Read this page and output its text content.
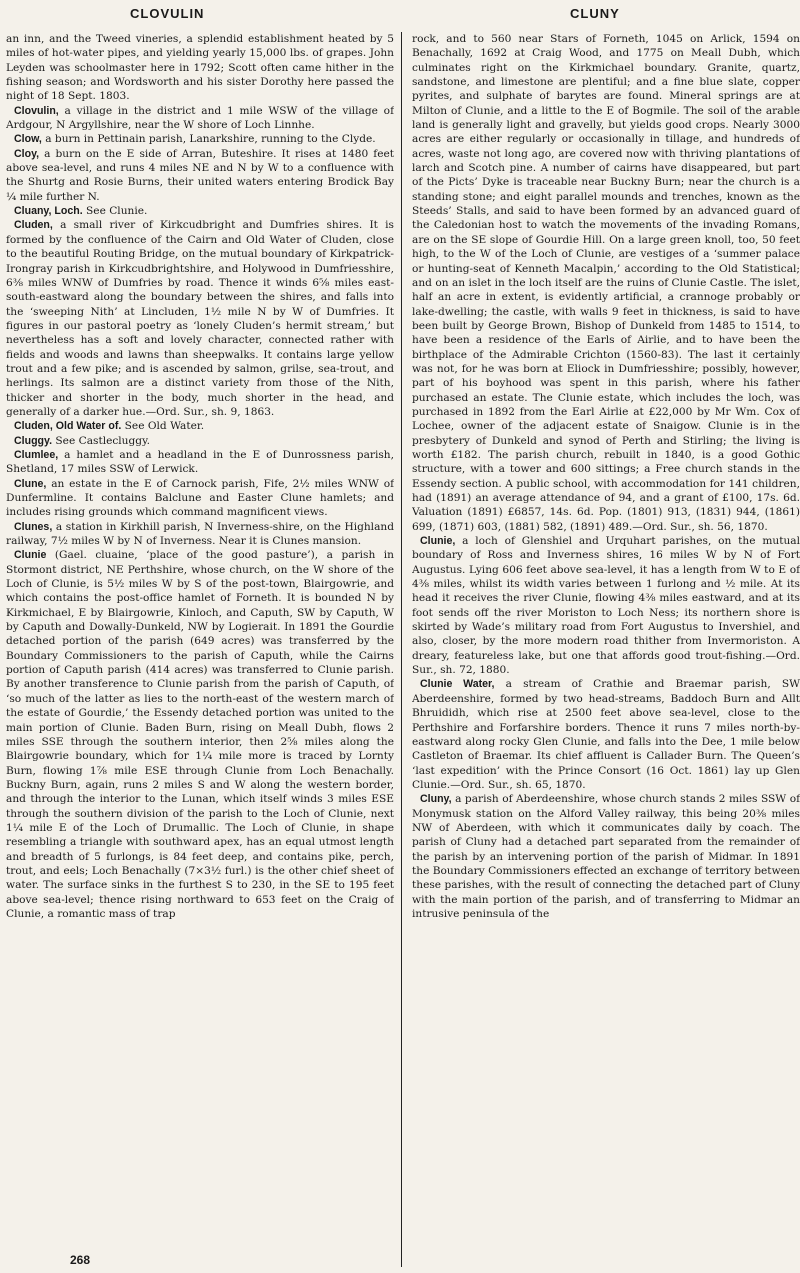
CLOVULIN	CLUNY
an inn, and the Tweed vineries, a splendid establishment heated by 5 miles of hot-water pipes, and yielding yearly 15,000 lbs. of grapes. John Leyden was schoolmaster here in 1792; Scott often came hither in the fishing season; and Wordsworth and his sister Dorothy here passed the night of 18 Sept. 1803.
Clovulin, a village in the district and 1 mile WSW of the village of Ardgour, N Argyllshire, near the W shore of Loch Linnhe.
Clow, a burn in Pettinain parish, Lanarkshire, running to the Clyde.
Cloy, a burn on the E side of Arran, Buteshire. It rises at 1480 feet above sea-level, and runs 4 miles NE and N by W to a confluence with the Shurtg and Rosie Burns, their united waters entering Brodick Bay ¼ mile further N.
Cluany, Loch. See Clunie.
Cluden, a small river of Kirkcudbright and Dumfries shires. It is formed by the confluence of the Cairn and Old Water of Cluden, close to the beautiful Routing Bridge, on the mutual boundary of Kirkpatrick-Irongray parish in Kirkcudbrightshire, and Holywood in Dumfriesshire, 6⅜ miles WNW of Dumfries by road. Thence it winds 6⅝ miles east-south-eastward along the boundary between the shires, and falls into the ‘sweeping Nith’ at Lincluden, 1½ mile N by W of Dumfries. It figures in our pastoral poetry as ‘lonely Cluden’s hermit stream,’ but nevertheless has a soft and lovely character, connected rather with fields and woods and lawns than sheepwalks. It contains large yellow trout and a few pike; and is ascended by salmon, grilse, sea-trout, and herlings. Its salmon are a distinct variety from those of the Nith, thicker and shorter in the body, much shorter in the head, and generally of a darker hue.—Ord. Sur., sh. 9, 1863.
Cluden, Old Water of. See Old Water.
Cluggy. See Castlecluggy.
Clumlee, a hamlet and a headland in the E of Dunrossness parish, Shetland, 17 miles SSW of Lerwick.
Clune, an estate in the E of Carnock parish, Fife, 2½ miles WNW of Dunfermline. It contains Balclune and Easter Clune hamlets; and includes rising grounds which command magnificent views.
Clunes, a station in Kirkhill parish, N Inverness-shire, on the Highland railway, 7½ miles W by N of Inverness. Near it is Clunes mansion.
Clunie (Gael. cluaine, ‘place of the good pasture’), a parish in Stormont district, NE Perthshire, whose church, on the W shore of the Loch of Clunie, is 5½ miles W by S of the post-town, Blairgowrie, and which contains the post-office hamlet of Forneth. It is bounded N by Kirkmichael, E by Blairgowrie, Kinloch, and Caputh, SW by Caputh, W by Caputh and Dowally-Dunkeld, NW by Logierait. In 1891 the Gourdie detached portion of the parish (649 acres) was transferred by the Boundary Commissioners to the parish of Caputh, while the Cairns portion of Caputh parish (414 acres) was transferred to Clunie parish. By another transference to Clunie parish from the parish of Caputh, of ‘so much of the latter as lies to the north-east of the western march of the estate of Gourdie,’ the Essendy detached portion was united to the main portion of Clunie. Baden Burn, rising on Meall Dubh, flows 2 miles SSE through the southern interior, then 2⅝ miles along the Blairgowrie boundary, which for 1¼ mile more is traced by Lornty Burn, flowing 1⅞ mile ESE through Clunie from Loch Benachally. Buckny Burn, again, runs 2 miles S and W along the western border, and through the interior to the Lunan, which itself winds 3 miles ESE through the southern division of the parish to the Loch of Clunie, next 1¼ mile E of the Loch of Drumallic. The Loch of Clunie, in shape resembling a triangle with southward apex, has an equal utmost length and breadth of 5 furlongs, is 84 feet deep, and contains pike, perch, trout, and eels; Loch Benachally (7×3½ furl.) is the other chief sheet of water. The surface sinks in the furthest S to 230, in the SE to 195 feet above sea-level; thence rising northward to 653 feet on the Craig of Clunie, a romantic mass of trap
rock, and to 560 near Stars of Forneth, 1045 on Arlick, 1594 on Benachally, 1692 at Craig Wood, and 1775 on Meall Dubh, which culminates right on the Kirkmichael boundary. Granite, quartz, sandstone, and limestone are plentiful; and a fine blue slate, copper pyrites, and sulphate of barytes are found. Mineral springs are at Milton of Clunie, and a little to the E of Bogmile. The soil of the arable land is generally light and gravelly, but yields good crops. Nearly 3000 acres are either regularly or occasionally in tillage, and hundreds of acres, waste not long ago, are covered now with thriving plantations of larch and Scotch pine. A number of cairns have disappeared, but part of the Picts’ Dyke is traceable near Buckny Burn; near the church is a standing stone; and eight parallel mounds and trenches, known as the Steeds’ Stalls, and said to have been formed by an advanced guard of the Caledonian host to watch the movements of the invading Romans, are on the SE slope of Gourdie Hill. On a large green knoll, too, 50 feet high, to the W of the Loch of Clunie, are vestiges of a ‘summer palace or hunting-seat of Kenneth Macalpin,’ according to the Old Statistical; and on an islet in the loch itself are the ruins of Clunie Castle. The islet, half an acre in extent, is evidently artificial, a crannoge probably or lake-dwelling; the castle, with walls 9 feet in thickness, is said to have been built by George Brown, Bishop of Dunkeld from 1485 to 1514, to have been a residence of the Earls of Airlie, and to have been the birthplace of the Admirable Crichton (1560-83). The last it certainly was not, for he was born at Eliock in Dumfriesshire; possibly, however, part of his boyhood was spent in this parish, where his father purchased an estate. The Clunie estate, which includes the loch, was purchased in 1892 from the Earl Airlie at £22,000 by Mr Wm. Cox of Lochee, owner of the adjacent estate of Snaigow. Clunie is in the presbytery of Dunkeld and synod of Perth and Stirling; the living is worth £182. The parish church, rebuilt in 1840, is a good Gothic structure, with a tower and 600 sittings; a Free church stands in the Essendy section. A public school, with accommodation for 141 children, had (1891) an average attendance of 94, and a grant of £100, 17s. 6d. Valuation (1891) £6857, 14s. 6d. Pop. (1801) 913, (1831) 944, (1861) 699, (1871) 603, (1881) 582, (1891) 489.—Ord. Sur., sh. 56, 1870.
Clunie, a loch of Glenshiel and Urquhart parishes, on the mutual boundary of Ross and Inverness shires, 16 miles W by N of Fort Augustus. Lying 606 feet above sea-level, it has a length from W to E of 4⅜ miles, whilst its width varies between 1 furlong and ½ mile. At its head it receives the river Clunie, flowing 4⅜ miles eastward, and at its foot sends off the river Moriston to Loch Ness; its northern shore is skirted by Wade’s military road from Fort Augustus to Invershiel, and also, closer, by the more modern road thither from Invermoriston. A dreary, featureless lake, but one that affords good trout-fishing.—Ord. Sur., sh. 72, 1880.
Clunie Water, a stream of Crathie and Braemar parish, SW Aberdeenshire, formed by two head-streams, Baddoch Burn and Allt Bhruididh, which rise at 2500 feet above sea-level, close to the Perthshire and Forfarshire borders. Thence it runs 7 miles north-by-eastward along rocky Glen Clunie, and falls into the Dee, 1 mile below Castleton of Braemar. Its chief affluent is Callader Burn. The Queen’s ‘last expedition’ with the Prince Consort (16 Oct. 1861) lay up Glen Clunie.—Ord. Sur., sh. 65, 1870.
Cluny, a parish of Aberdeenshire, whose church stands 2 miles SSW of Monymusk station on the Alford Valley railway, this being 20⅜ miles NW of Aberdeen, with which it communicates daily by coach. The parish of Cluny had a detached part separated from the remainder of the parish by an intervening portion of the parish of Midmar. In 1891 the Boundary Commissioners effected an exchange of territory between these parishes, with the result of connecting the detached part of Cluny with the main portion of the parish, and of transferring to Midmar an intrusive peninsula of the
268
